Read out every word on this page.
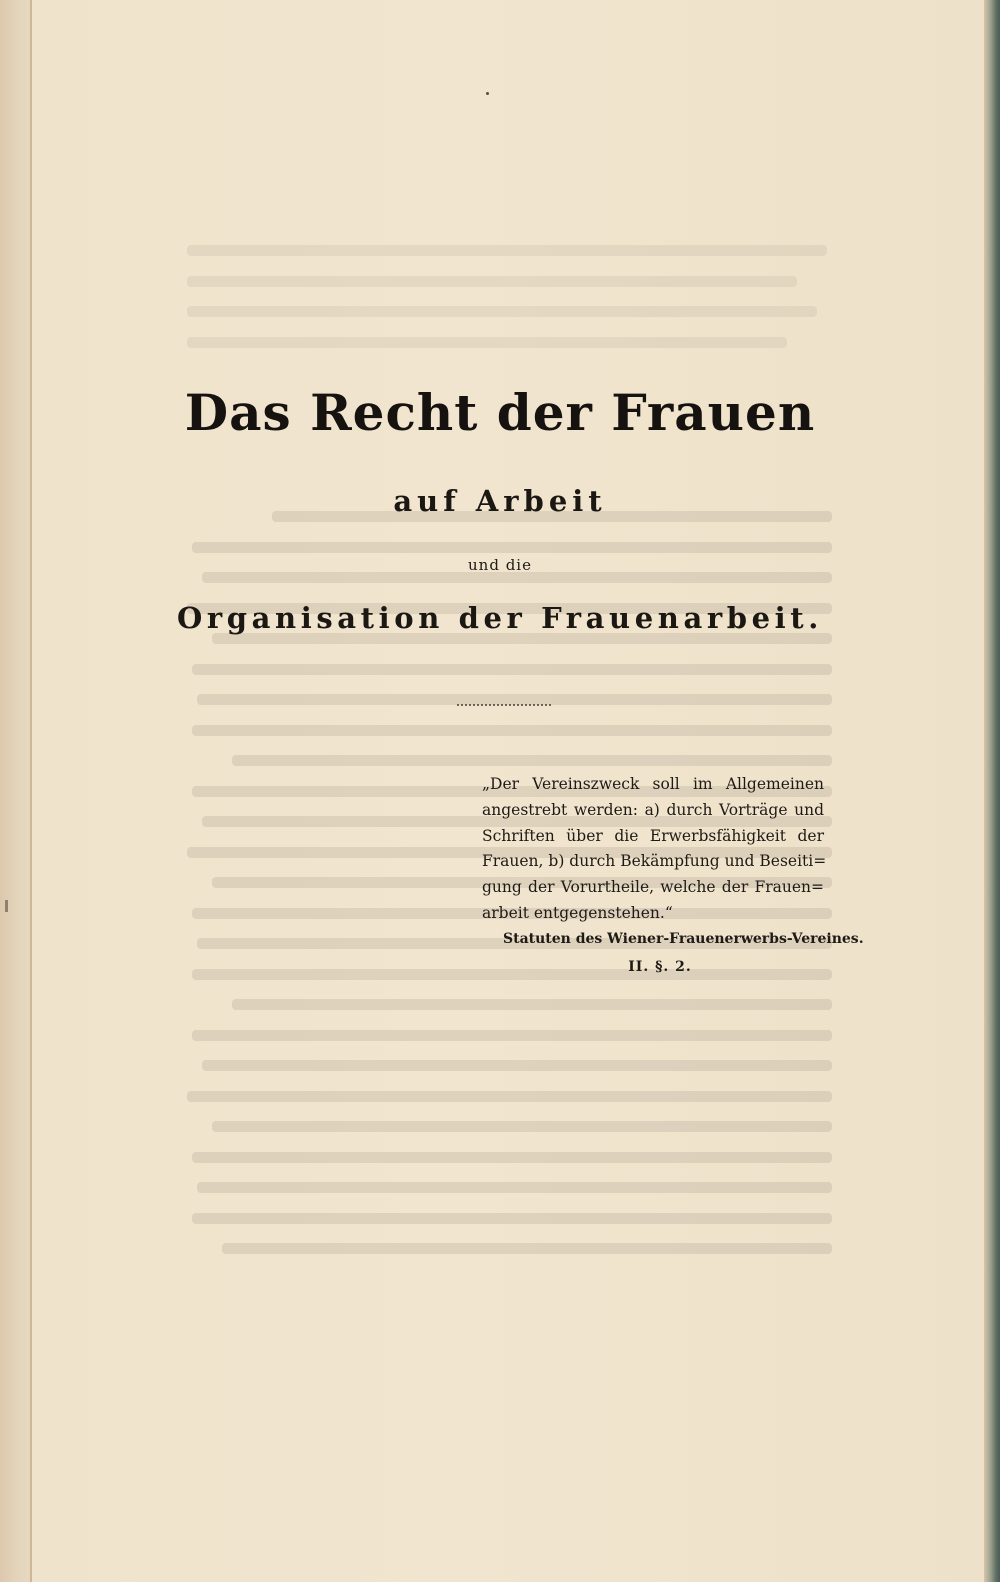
Das Recht der Frauen
auf Arbeit
und die
Organisation der Frauenarbeit.
„Der Vereinszweck soll im Allgemeinen
angestrebt werden: a) durch Vorträge und
Schriften über die Erwerbsfähigkeit der
Frauen, b) durch Bekämpfung und Beseiti=
gung der Vorurtheile, welche der Frauen=
arbeit entgegenstehen.“
Statuten des Wiener-Frauenerwerbs-Vereines.
II. §. 2.
